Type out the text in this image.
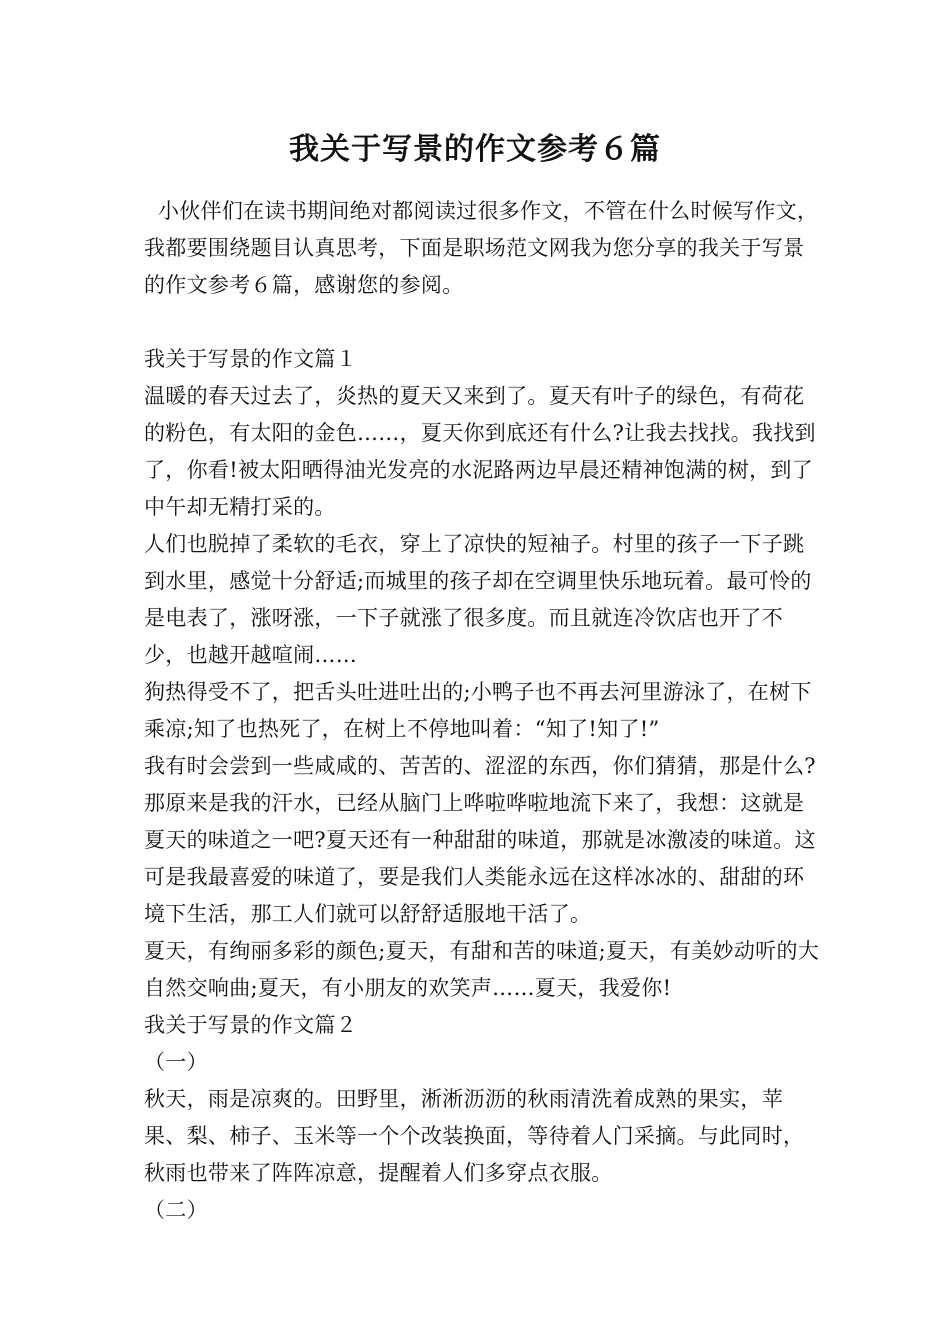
我关于写景的作文参考６篇

小伙伴们在读书期间绝对都阅读过很多作文，不管在什么时候写作文，我都要围绕题目认真思考，下面是职场范文网我为您分享的我关于写景的作文参考６篇，感谢您的参阅。

我关于写景的作文篇１

温暖的春天过去了，炎热的夏天又来到了。夏天有叶子的绿色，有荷花的粉色，有太阳的金色……，夏天你到底还有什么?让我去找找。我找到了，你看!被太阳晒得油光发亮的水泥路两边早晨还精神饱满的树，到了中午却无精打采的。

人们也脱掉了柔软的毛衣，穿上了凉快的短袖子。村里的孩子一下子跳到水里，感觉十分舒适;而城里的孩子却在空调里快乐地玩着。最可怜的是电表了，涨呀涨，一下子就涨了很多度。而且就连冷饮店也开了不少，也越开越喧闹……

狗热得受不了，把舌头吐进吐出的;小鸭子也不再去河里游泳了，在树下乘凉;知了也热死了，在树上不停地叫着：“知了!知了!”

我有时会尝到一些咸咸的、苦苦的、涩涩的东西，你们猜猜，那是什么?那原来是我的汗水，已经从脑门上哗啦哗啦地流下来了，我想：这就是夏天的味道之一吧?夏天还有一种甜甜的味道，那就是冰激凌的味道。这可是我最喜爱的味道了，要是我们人类能永远在这样冰冰的、甜甜的环境下生活，那工人们就可以舒舒适服地干活了。

夏天，有绚丽多彩的颜色;夏天，有甜和苦的味道;夏天，有美妙动听的大自然交响曲;夏天，有小朋友的欢笑声……夏天，我爱你!

我关于写景的作文篇２

（一）

秋天，雨是凉爽的。田野里，淅淅沥沥的秋雨清洗着成熟的果实，苹果、梨、柿子、玉米等一个个改装换面，等待着人门采摘。与此同时，秋雨也带来了阵阵凉意，提醒着人们多穿点衣服。

（二）
